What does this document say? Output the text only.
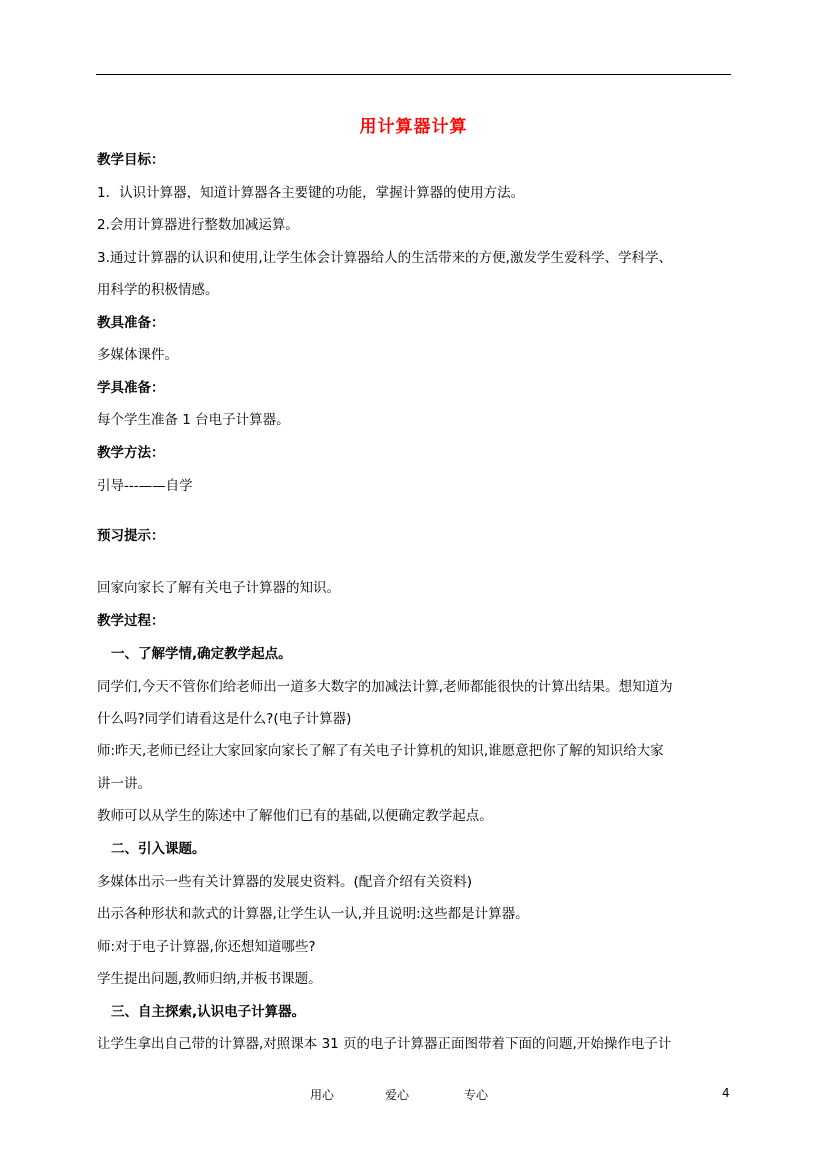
用计算器计算
教学目标：
1．认识计算器，知道计算器各主要键的功能，掌握计算器的使用方法。
2.会用计算器进行整数加减运算。
3.通过计算器的认识和使用,让学生体会计算器给人的生活带来的方便,激发学生爱科学、学科学、
用科学的积极情感。
教具准备：
多媒体课件。
学具准备：
每个学生准备 1 台电子计算器。
教学方法：
引导---——自学
预习提示：
回家向家长了解有关电子计算器的知识。
教学过程：
一、了解学情,确定教学起点。
同学们,今天不管你们给老师出一道多大数字的加减法计算,老师都能很快的计算出结果。想知道为
什么吗?同学们请看这是什么?(电子计算器)
师:昨天,老师已经让大家回家向家长了解了有关电子计算机的知识,谁愿意把你了解的知识给大家
讲一讲。
教师可以从学生的陈述中了解他们已有的基础,以便确定教学起点。
二、引入课题。
多媒体出示一些有关计算器的发展史资料。(配音介绍有关资料)
出示各种形状和款式的计算器,让学生认一认,并且说明:这些都是计算器。
师:对于电子计算器,你还想知道哪些?
学生提出问题,教师归纳,并板书课题。
三、自主探索,认识电子计算器。
让学生拿出自己带的计算器,对照课本 31 页的电子计算器正面图带着下面的问题,开始操作电子计
用心	爱心	专心	4
